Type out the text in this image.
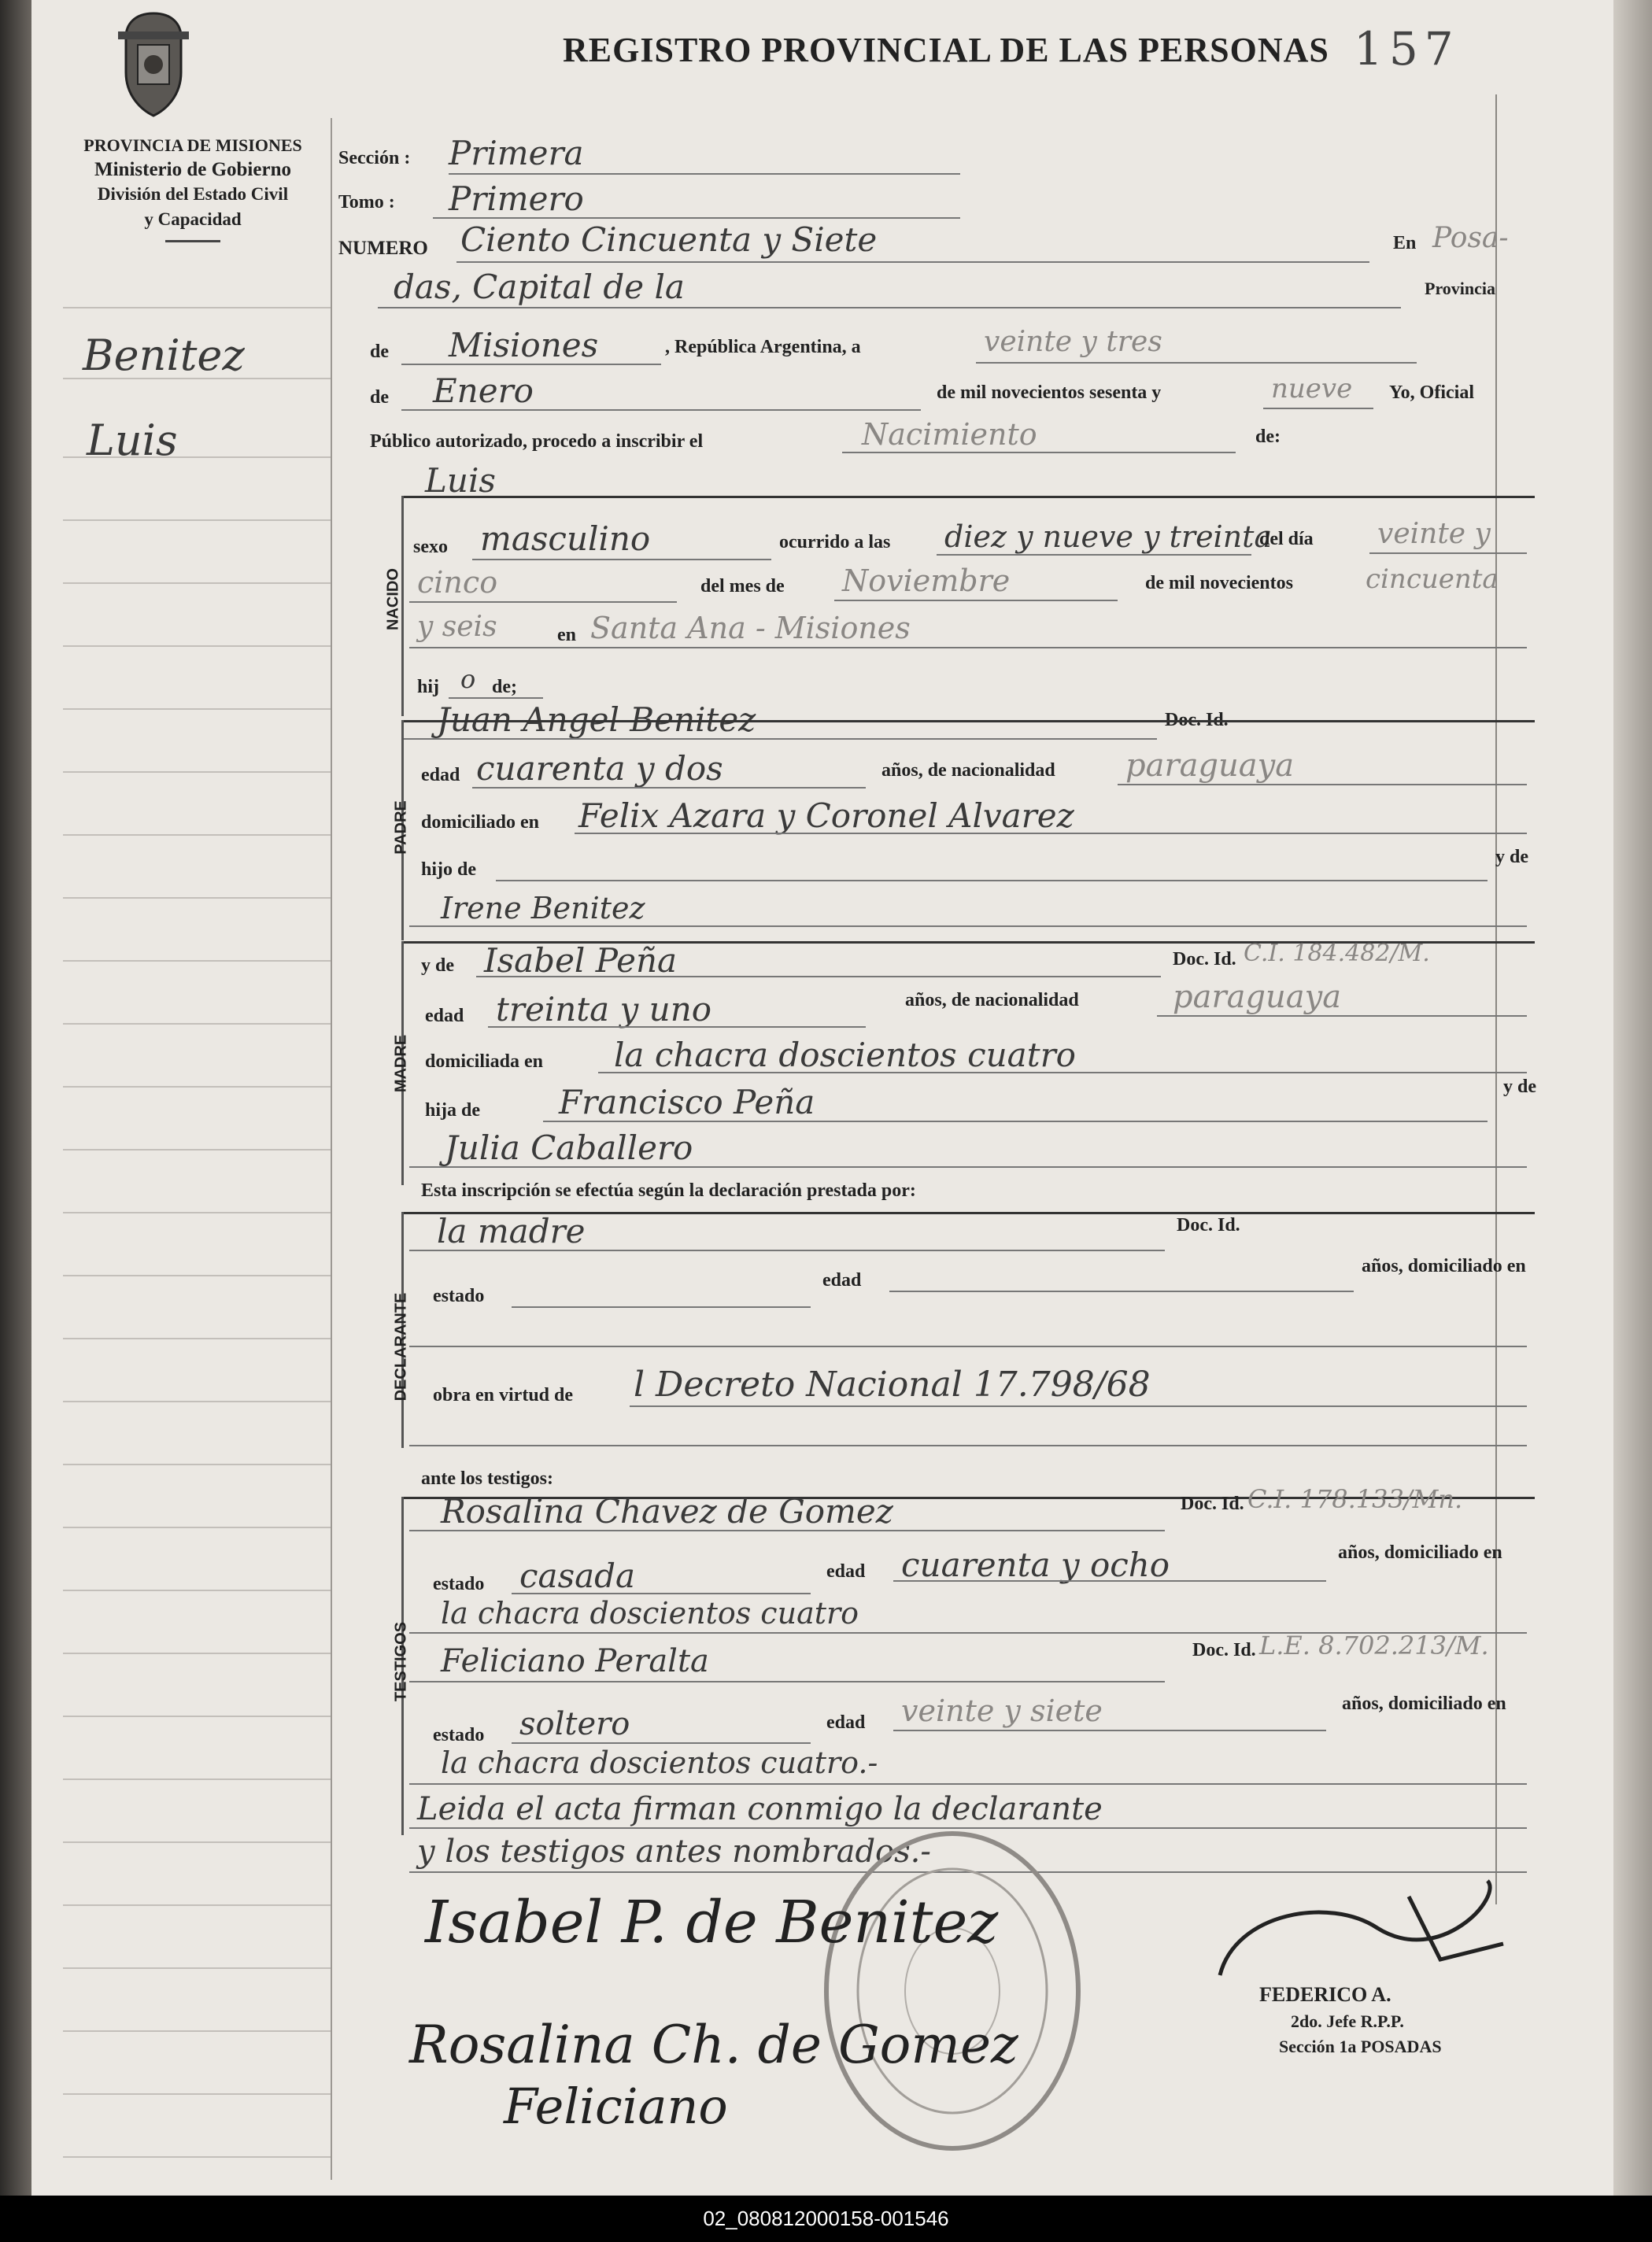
PROVINCIA DE MISIONES
Ministerio de Gobierno
División del Estado Civil
y Capacidad
Benitez
Luis
REGISTRO PROVINCIAL DE LAS PERSONAS 157
Sección : Primera
Tomo : Primero
NUMERO Ciento Cincuenta y Siete	En Posa-
das, Capital de la	Provincia
de Misiones	, República Argentina, a	veinte y tres
de Enero	de mil novecientos sesenta y	nueve Yo, Oficial
Público autorizado, procedo a inscribir el	Nacimiento	de:
Luis
NACIDO
sexo masculino	ocurrido a las diez y nueve y treinta
del día veinte y
cinco	del mes de Noviembre	de mil novecientos	cincuenta
y seis	en Santa Ana - Misiones
hij o de;
Juan Angel Benitez	Doc. Id.
PADRE
edad cuarenta y dos	años, de nacionalidad paraguaya
domiciliado en Felix Azara y Coronel Alvarez
hijo de
y de
Irene Benitez
MADRE
y de Isabel Peña	Doc. Id. C.I. 184.482/M.
edad treinta y uno	años, de nacionalidad	paraguaya
domiciliada en la chacra doscientos cuatro
hija de Francisco Peña	y de
Julia Caballero
Esta inscripción se efectúa según la declaración prestada por:
DECLARANTE
la madre	Doc. Id.
años, domiciliado en
estado
edad
obra en virtud de l Decreto Nacional 17.798/68
ante los testigos:
TESTIGOS
Rosalina Chavez de Gomez	Doc. Id. C.I. 178.133/Mn.
estado casada	edad cuarenta y ocho	años, domiciliado en
la chacra doscientos cuatro
Feliciano Peralta	Doc. Id. L.E. 8.702.213/M.
estado soltero	edad veinte y siete	años, domiciliado en
la chacra doscientos cuatro.-
Leida el acta firman conmigo la declarante
y los testigos antes nombrados.-
Isabel P. de Benitez
Rosalina Ch. de Gomez
Feliciano
FEDERICO A.
2do. Jefe R.P.P.
Sección 1a POSADAS
02_080812000158-001546
